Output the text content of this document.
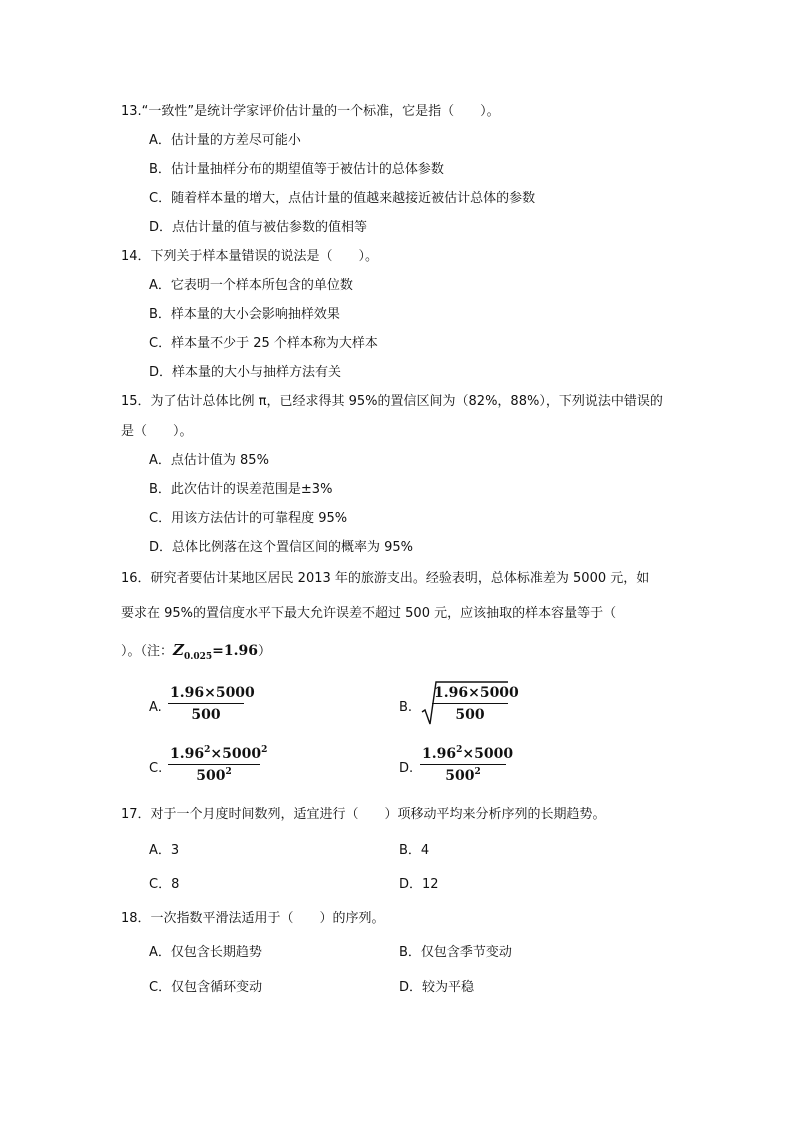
13.“一致性”是统计学家评价估计量的一个标准，它是指（　　）。
A．估计量的方差尽可能小
B．估计量抽样分布的期望值等于被估计的总体参数
C．随着样本量的增大，点估计量的值越来越接近被估计总体的参数
D．点估计量的值与被估参数的值相等
14．下列关于样本量错误的说法是（　　）。
A．它表明一个样本所包含的单位数
B．样本量的大小会影响抽样效果
C．样本量不少于 25 个样本称为大样本
D．样本量的大小与抽样方法有关
15．为了估计总体比例 π，已经求得其 95%的置信区间为（82%，88%），下列说法中错误的
是（　　）。
A．点估计值为 85%
B．此次估计的误差范围是±3%
C．用该方法估计的可靠程度 95%
D．总体比例落在这个置信区间的概率为 95%
16．研究者要估计某地区居民 2013 年的旅游支出。经验表明，总体标准差为 5000 元，如
要求在 95%的置信度水平下最大允许误差不超过 500 元，应该抽取的样本容量等于（
）。（注：$Z_{0.025}=1.96$）
A.
1.96×5000
500	B.
1.96×5000
500
C.
$1.96^2\times 5000^2$
$500^2$	D.
$1.96^2\times 5000$
$500^2$
17．对于一个月度时间数列，适宜进行（　　）项移动平均来分析序列的长期趋势。
A．3	B．4
C．8	D．12
18．一次指数平滑法适用于（　　）的序列。
A．仅包含长期趋势	B．仅包含季节变动
C．仅包含循环变动	D．较为平稳
